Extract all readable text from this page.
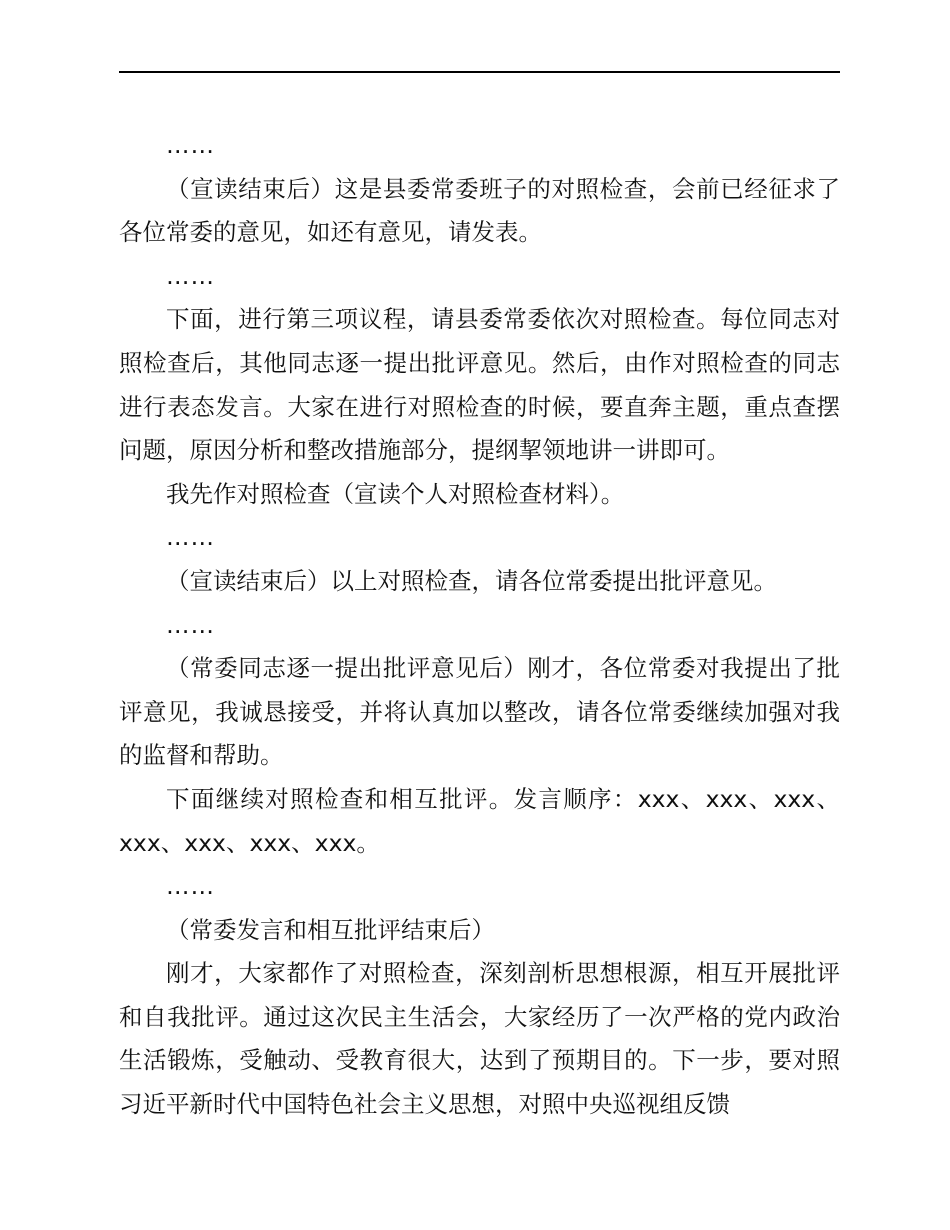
……

（宣读结束后）这是县委常委班子的对照检查，会前已经征求了各位常委的意见，如还有意见，请发表。

……

下面，进行第三项议程，请县委常委依次对照检查。每位同志对照检查后，其他同志逐一提出批评意见。然后，由作对照检查的同志进行表态发言。大家在进行对照检查的时候，要直奔主题，重点查摆问题，原因分析和整改措施部分，提纲挈领地讲一讲即可。

我先作对照检查（宣读个人对照检查材料）。

……

（宣读结束后）以上对照检查，请各位常委提出批评意见。

……

（常委同志逐一提出批评意见后）刚才，各位常委对我提出了批评意见，我诚恳接受，并将认真加以整改，请各位常委继续加强对我的监督和帮助。

下面继续对照检查和相互批评。发言顺序：xxx、xxx、xxx、xxx、xxx、xxx、xxx。

……

（常委发言和相互批评结束后）

刚才，大家都作了对照检查，深刻剖析思想根源，相互开展批评和自我批评。通过这次民主生活会，大家经历了一次严格的党内政治生活锻炼，受触动、受教育很大，达到了预期目的。下一步，要对照习近平新时代中国特色社会主义思想，对照中央巡视组反馈
